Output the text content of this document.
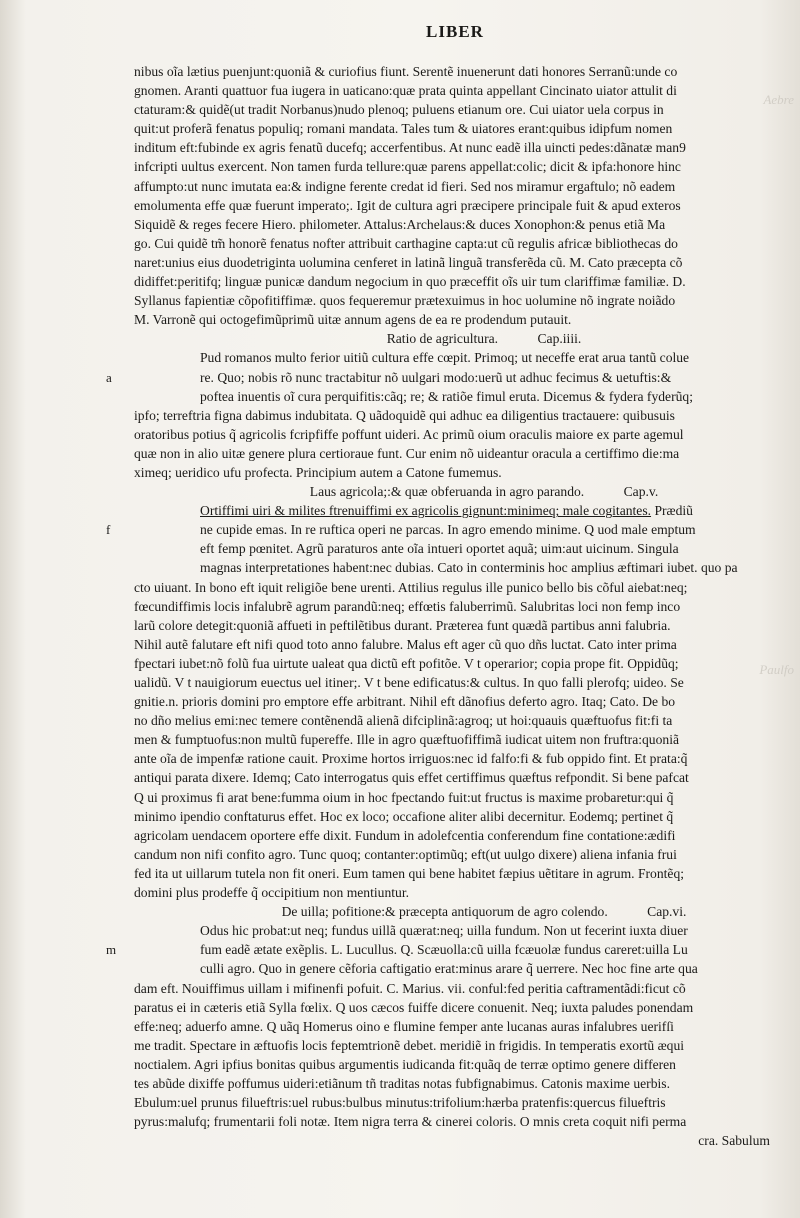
Aebre
Paulfo
LIBER
nibus oĩa lætius puenjunt:quoniã & curiofius fiunt. Serentẽ inuenerunt dati honores Serranũ:unde co
gnomen. Aranti quattuor fua iugera in uaticano:quæ prata quinta appellant Cincinato uiator attulit di
ctaturam:& quidẽ(ut tradit Norbanus)nudo plenoq; puluens etianum ore. Cui uiator uela corpus in
quit:ut proferã fenatus populiq; romani mandata. Tales tum & uiatores erant:quibus idipfum nomen
inditum eft:fubinde ex agris fenatũ ducefq; accerfentibus. At nunc eadẽ illa uincti pedes:dãnatæ man9
infcripti uultus exercent. Non tamen furda tellure:quæ parens appellat:colic; dicit & ipfa:honore hinc
affumpto:ut nunc imutata ea:& indigne ferente credat id fieri. Sed nos miramur ergaftulo; nõ eadem
emolumenta effe quæ fuerunt imperato;. Igit de cultura agri præcipere principale fuit & apud exteros
Siquidẽ & reges fecere Hiero. philometer. Attalus:Archelaus:& duces Xonophon:& penus etiã Ma
go. Cui quidẽ tm̃ honorẽ fenatus nofter attribuit carthagine capta:ut cũ regulis africæ bibliothecas do
naret:unius eius duodetriginta uolumina cenferet in latinã linguã transferẽda cũ. M. Cato præcepta cõ
didiffet:peritifq; linguæ punicæ dandum negocium in quo præceffit oĩs uir tum clariffimæ familiæ. D.
Syllanus fapientiæ cõpofitiffimæ. quos fequeremur prætexuimus in hoc uolumine nõ ingrate noiãdo
M. Varronẽ qui octogefimũprimũ uitæ annum agens de ea re prodendum putauit.
Ratio de agricultura.	Cap.iiii.
Pud romanos multo ferior uitiũ cultura effe cœpit. Primoq; ut neceffe erat arua tantũ colue
a	re. Quo; nobis rõ nunc tractabitur nõ uulgari modo:uerũ ut adhuc fecimus & uetuftis:&
poftea inuentis oĩ cura perquifitis:cãq; re; & ratiõe fimul eruta. Dicemus & fydera fyderũq;
ipfo; terreftria figna dabimus indubitata. Q uãdoquidẽ qui adhuc ea diligentius tractauere: quibusuis
oratoribus potius q̃ agricolis fcripfiffe poffunt uideri. Ac primũ oium oraculis maiore ex parte agemul
quæ non in alio uitæ genere plura certioraue funt. Cur enim nõ uideantur oracula a certiffimo die:ma
ximeq; ueridico ufu profecta. Principium autem a Catone fumemus.
Laus agricola;:& quæ obferuanda in agro parando.	Cap.v.
Ortiffimi uiri & milites ftrenuiffimi ex agricolis gignunt:minimeq; male cogitantes. Prædiũ
f	ne cupide emas. In re ruftica operi ne parcas. In agro emendo minime. Q uod male emptum
eft femp pœnitet. Agrũ paraturos ante oĩa intueri oportet aquã; uim:aut uicinum. Singula
magnas interpretationes habent:nec dubias. Cato in conterminis hoc amplius æftimari iubet. quo pa
cto uiuant. In bono eft iquit religiõe bene urenti. Attilius regulus ille punico bello bis cõful aiebat:neq;
fœcundiffimis locis infalubrẽ agrum parandũ:neq; effœtis faluberrimũ. Salubritas loci non femp inco
larũ colore detegit:quoniã affueti in peftilẽtibus durant. Præterea funt quædã partibus anni falubria.
Nihil autẽ falutare eft nifi quod toto anno falubre. Malus eft ager cũ quo dñs luctat. Cato inter prima
fpectari iubet:nõ folũ fua uirtute ualeat qua dictũ eft pofitõe. V t operarior; copia prope fit. Oppidũq;
ualidũ. V t nauigiorum euectus uel itiner;. V t bene edificatus:& cultus. In quo falli plerofq; uideo. Se
gnitie.n. prioris domini pro emptore effe arbitrant. Nihil eft dãnofius deferto agro. Itaq; Cato. De bo
no dño melius emi:nec temere contẽnendã alienã difciplinã:agroq; ut hoi:quauis quæftuofus fit:fi ta
men & fumptuofus:non multũ fupereffe. Ille in agro quæftuofiffimã iudicat uitem non fruftra:quoniã
ante oĩa de impenfæ ratione cauit. Proxime hortos irriguos:nec id falfo:fi & fub oppido fint. Et prata:q̃
antiqui parata dixere. Idemq; Cato interrogatus quis effet certiffimus quæftus refpondit. Si bene pafcat
Q ui proximus fi arat bene:fumma oium in hoc fpectando fuit:ut fructus is maxime probaretur:qui q̃
minimo ipendio conftaturus effet. Hoc ex loco; occafione aliter alibi decernitur. Eodemq; pertinet q̃
agricolam uendacem oportere effe dixit. Fundum in adolefcentia conferendum fine contatione:ædifi
candum non nifi confito agro. Tunc quoq; contanter:optimũq; eft(ut uulgo dixere) aliena infania frui
fed ita ut uillarum tutela non fit oneri. Eum tamen qui bene habitet fæpius uẽtitare in agrum. Frontẽq;
domini plus prodeffe q̃ occipitium non mentiuntur.
De uilla; pofitione:& præcepta antiquorum de agro colendo.	Cap.vi.
Odus hic probat:ut neq; fundus uillã quærat:neq; uilla fundum. Non ut fecerint iuxta diuer
m	fum eadẽ ætate exẽplis. L. Lucullus. Q. Scæuolla:cũ uilla fcæuolæ fundus careret:uilla Lu
culli agro. Quo in genere cẽforia caftigatio erat:minus arare q̃ uerrere. Nec hoc fine arte qua
dam eft. Nouiffimus uillam i mifinenfi pofuit. C. Marius. vii. conful:fed peritia caftramentãdi:ficut cõ
paratus ei in cæteris etiã Sylla fœlix. Q uos cæcos fuiffe dicere conuenit. Neq; iuxta paludes ponendam
effe:neq; aduerfo amne. Q uãq Homerus oino e flumine femper ante lucanas auras infalubres uerifſi
me tradit. Spectare in æftuofis locis feptemtrionẽ debet. meridiẽ in frigidis. In temperatis exortũ æqui
noctialem. Agri ipfius bonitas quibus argumentis iudicanda fit:quãq de terræ optimo genere differen
tes abũde dixiffe poffumus uideri:etiãnum tñ traditas notas fubfignabimus. Catonis maxime uerbis.
Ebulum:uel prunus filueftris:uel rubus:bulbus minutus:trifolium:hærba pratenfis:quercus filueftris
pyrus:malufq; frumentarii foli notæ. Item nigra terra & cinerei coloris. O mnis creta coquit nifi perma
cra. Sabulum
